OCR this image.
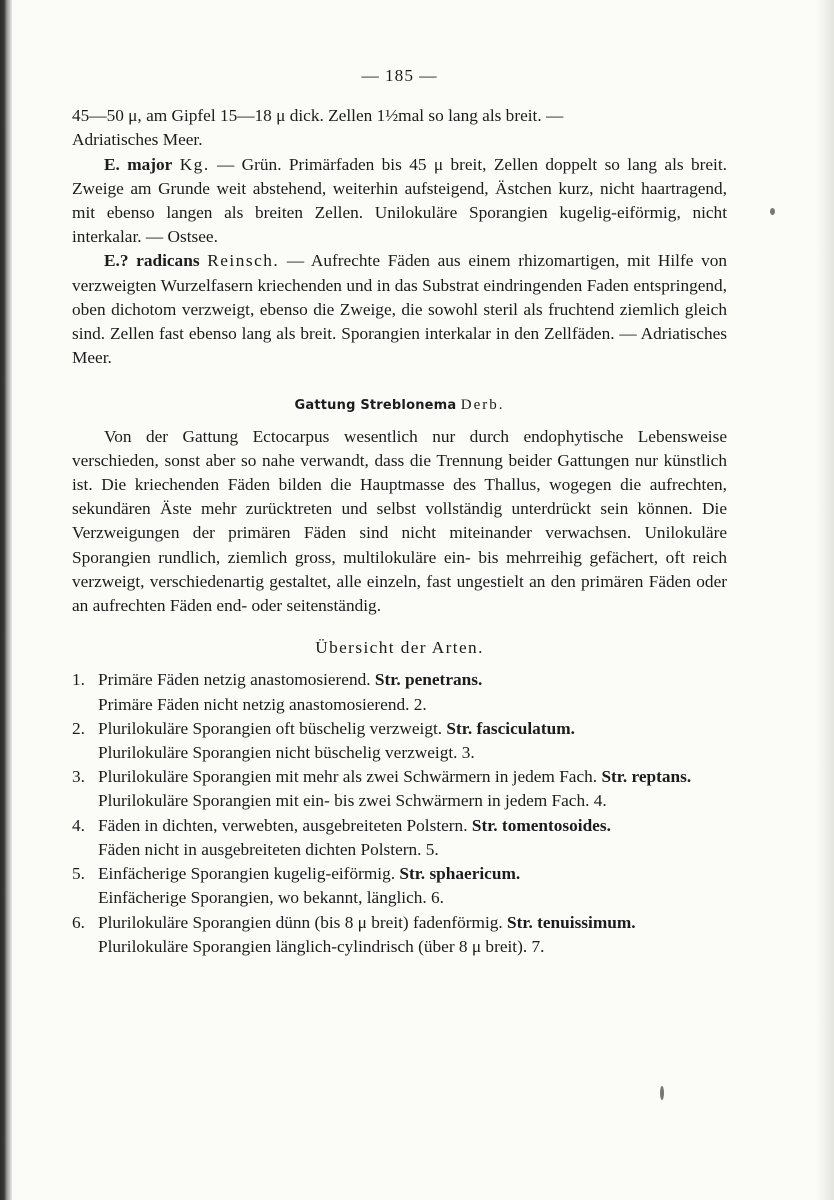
— 185 —

45—50 μ, am Gipfel 15—18 μ dick. Zellen 1½mal so lang als breit. —
Adriatisches Meer.

E. major Kg. — Grün. Primärfaden bis 45 μ breit, Zellen doppelt so lang als breit. Zweige am Grunde weit abstehend, weiterhin aufsteigend, Ästchen kurz, nicht haartragend, mit ebenso langen als breiten Zellen. Unilokuläre Sporangien kugelig-eiförmig, nicht interkalar. — Ostsee.

E.? radicans Reinsch. — Aufrechte Fäden aus einem rhizomartigen, mit Hilfe von verzweigten Wurzelfasern kriechenden und in das Substrat eindringenden Faden entspringend, oben dichotom verzweigt, ebenso die Zweige, die sowohl steril als fruchtend ziemlich gleich sind. Zellen fast ebenso lang als breit. Sporangien interkalar in den Zellfäden. — Adriatisches Meer.

Gattung Streblonema Derb.

Von der Gattung Ectocarpus wesentlich nur durch endophytische Lebensweise verschieden, sonst aber so nahe verwandt, dass die Trennung beider Gattungen nur künstlich ist. Die kriechenden Fäden bilden die Hauptmasse des Thallus, wogegen die aufrechten, sekundären Äste mehr zurücktreten und selbst vollständig unterdrückt sein können. Die Verzweigungen der primären Fäden sind nicht miteinander verwachsen. Unilokuläre Sporangien rundlich, ziemlich gross, multilokuläre ein- bis mehrreihig gefächert, oft reich verzweigt, verschiedenartig gestaltet, alle einzeln, fast ungestielt an den primären Fäden oder an aufrechten Fäden end- oder seitenständig.

Übersicht der Arten.
1. Primäre Fäden netzig anastomosierend. Str. penetrans.
Primäre Fäden nicht netzig anastomosierend. 2.
2. Plurilokuläre Sporangien oft büschelig verzweigt. Str. fasciculatum.
Plurilokuläre Sporangien nicht büschelig verzweigt. 3.
3. Plurilokuläre Sporangien mit mehr als zwei Schwärmern in jedem Fach. Str. reptans.
Plurilokuläre Sporangien mit ein- bis zwei Schwärmern in jedem Fach. 4.
4. Fäden in dichten, verwebten, ausgebreiteten Polstern. Str. tomentosoides.
Fäden nicht in ausgebreiteten dichten Polstern. 5.
5. Einfächerige Sporangien kugelig-eiförmig. Str. sphaericum.
Einfächerige Sporangien, wo bekannt, länglich. 6.
6. Plurilokuläre Sporangien dünn (bis 8 μ breit) fadenförmig. Str. tenuissimum.
Plurilokuläre Sporangien länglich-cylindrisch (über 8 μ breit). 7.
